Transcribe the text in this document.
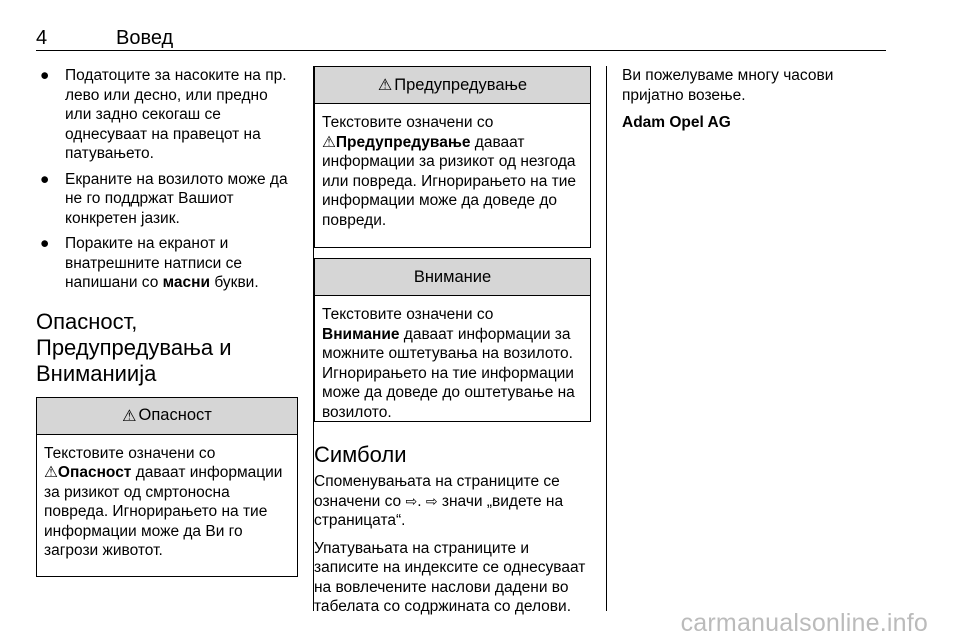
4	Вовед
● Податоците за насоките на пр. лево или десно, или предно или задно секогаш се однесуваат на правецот на патувањето.
● Екраните на возилото може да не го поддржат Вашиот конкретен јазик.
● Пораките на екранот и внатрешните натписи се напишани со масни букви.
Опасност,
Предупредувања и
Вниманиија
⚠ Опасност
Текстовите означени со
⚠Опасност даваат информации за ризикот од смртоносна повреда. Игнорирањето на тие информации може да Ви го загрози животот.
⚠ Предупредување
Текстовите означени со
⚠Предупредување даваат информации за ризикот од незгода или повреда. Игнорирањето на тие информации може да доведе до повреди.
Внимание
Текстовите означени со
Внимание даваат информации за можните оштетувања на возилото. Игнорирањето на тие информации може да доведе до оштетување на возилото.
Симболи

Споменувањата на страниците се означени со ⇨. ⇨ значи „видете на страницата“.

Упатувањата на страниците и записите на индексите се однесуваат на вовлечените наслови дадени во табелата со содржината со делови.

Ви пожелуваме многу часови пријатно возење.

Adam Opel AG

carmanualsonline.info
